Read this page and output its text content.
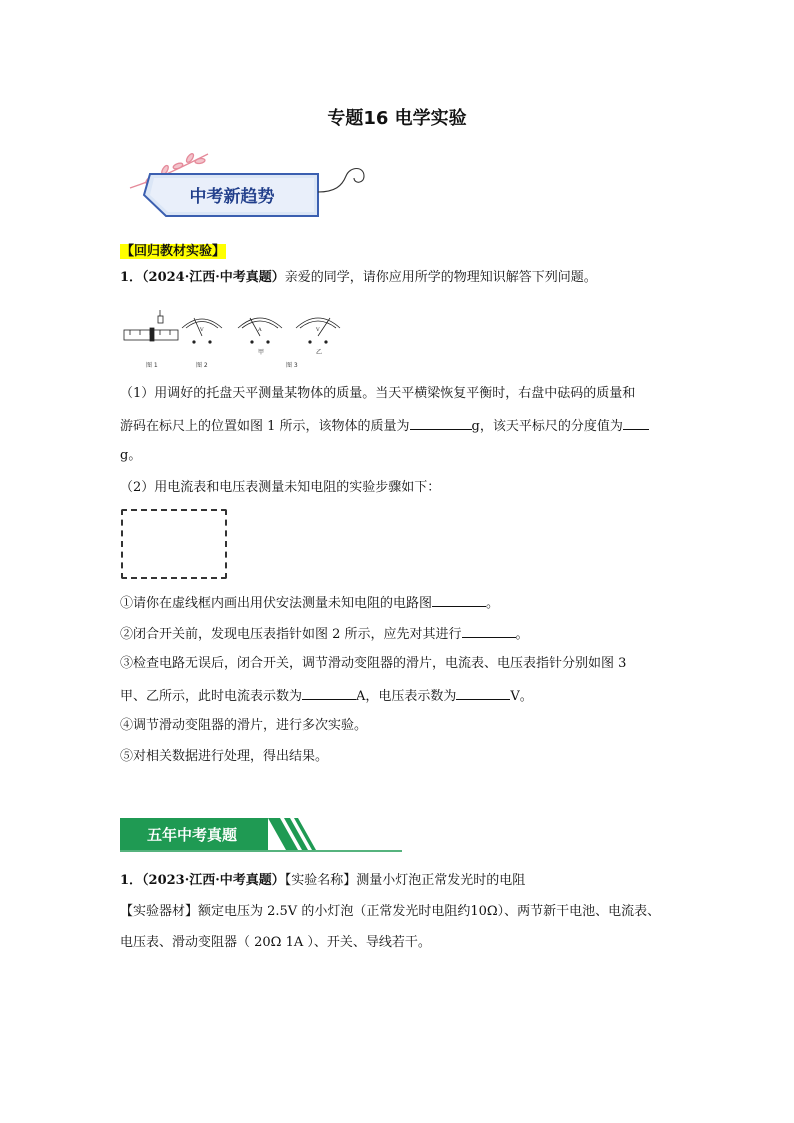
专题16 电学实验
中考新趋势
【回归教材实验】
1．（2024·江西·中考真题）亲爱的同学，请你应用所学的物理知识解答下列问题。
V	A	V
图 1	图 2
甲	乙
图 3
（1）用调好的托盘天平测量某物体的质量。当天平横梁恢复平衡时，右盘中砝码的质量和
游码在标尺上的位置如图 1 所示，该物体的质量为	g，该天平标尺的分度值为
g。
（2）用电流表和电压表测量未知电阻的实验步骤如下：
①请你在虚线框内画出用伏安法测量未知电阻的电路图	。
②闭合开关前，发现电压表指针如图 2 所示，应先对其进行	。
③检查电路无误后，闭合开关，调节滑动变阻器的滑片，电流表、电压表指针分别如图 3
甲、乙所示，此时电流表示数为	A，电压表示数为	V。
④调节滑动变阻器的滑片，进行多次实验。
⑤对相关数据进行处理，得出结果。
五年中考真题
1．（2023·江西·中考真题）【实验名称】测量小灯泡正常发光时的电阻
【实验器材】额定电压为 2.5V 的小灯泡（正常发光时电阻约10Ω）、两节新干电池、电流表、
电压表、滑动变阻器（ 20Ω 1A ）、开关、导线若干。
